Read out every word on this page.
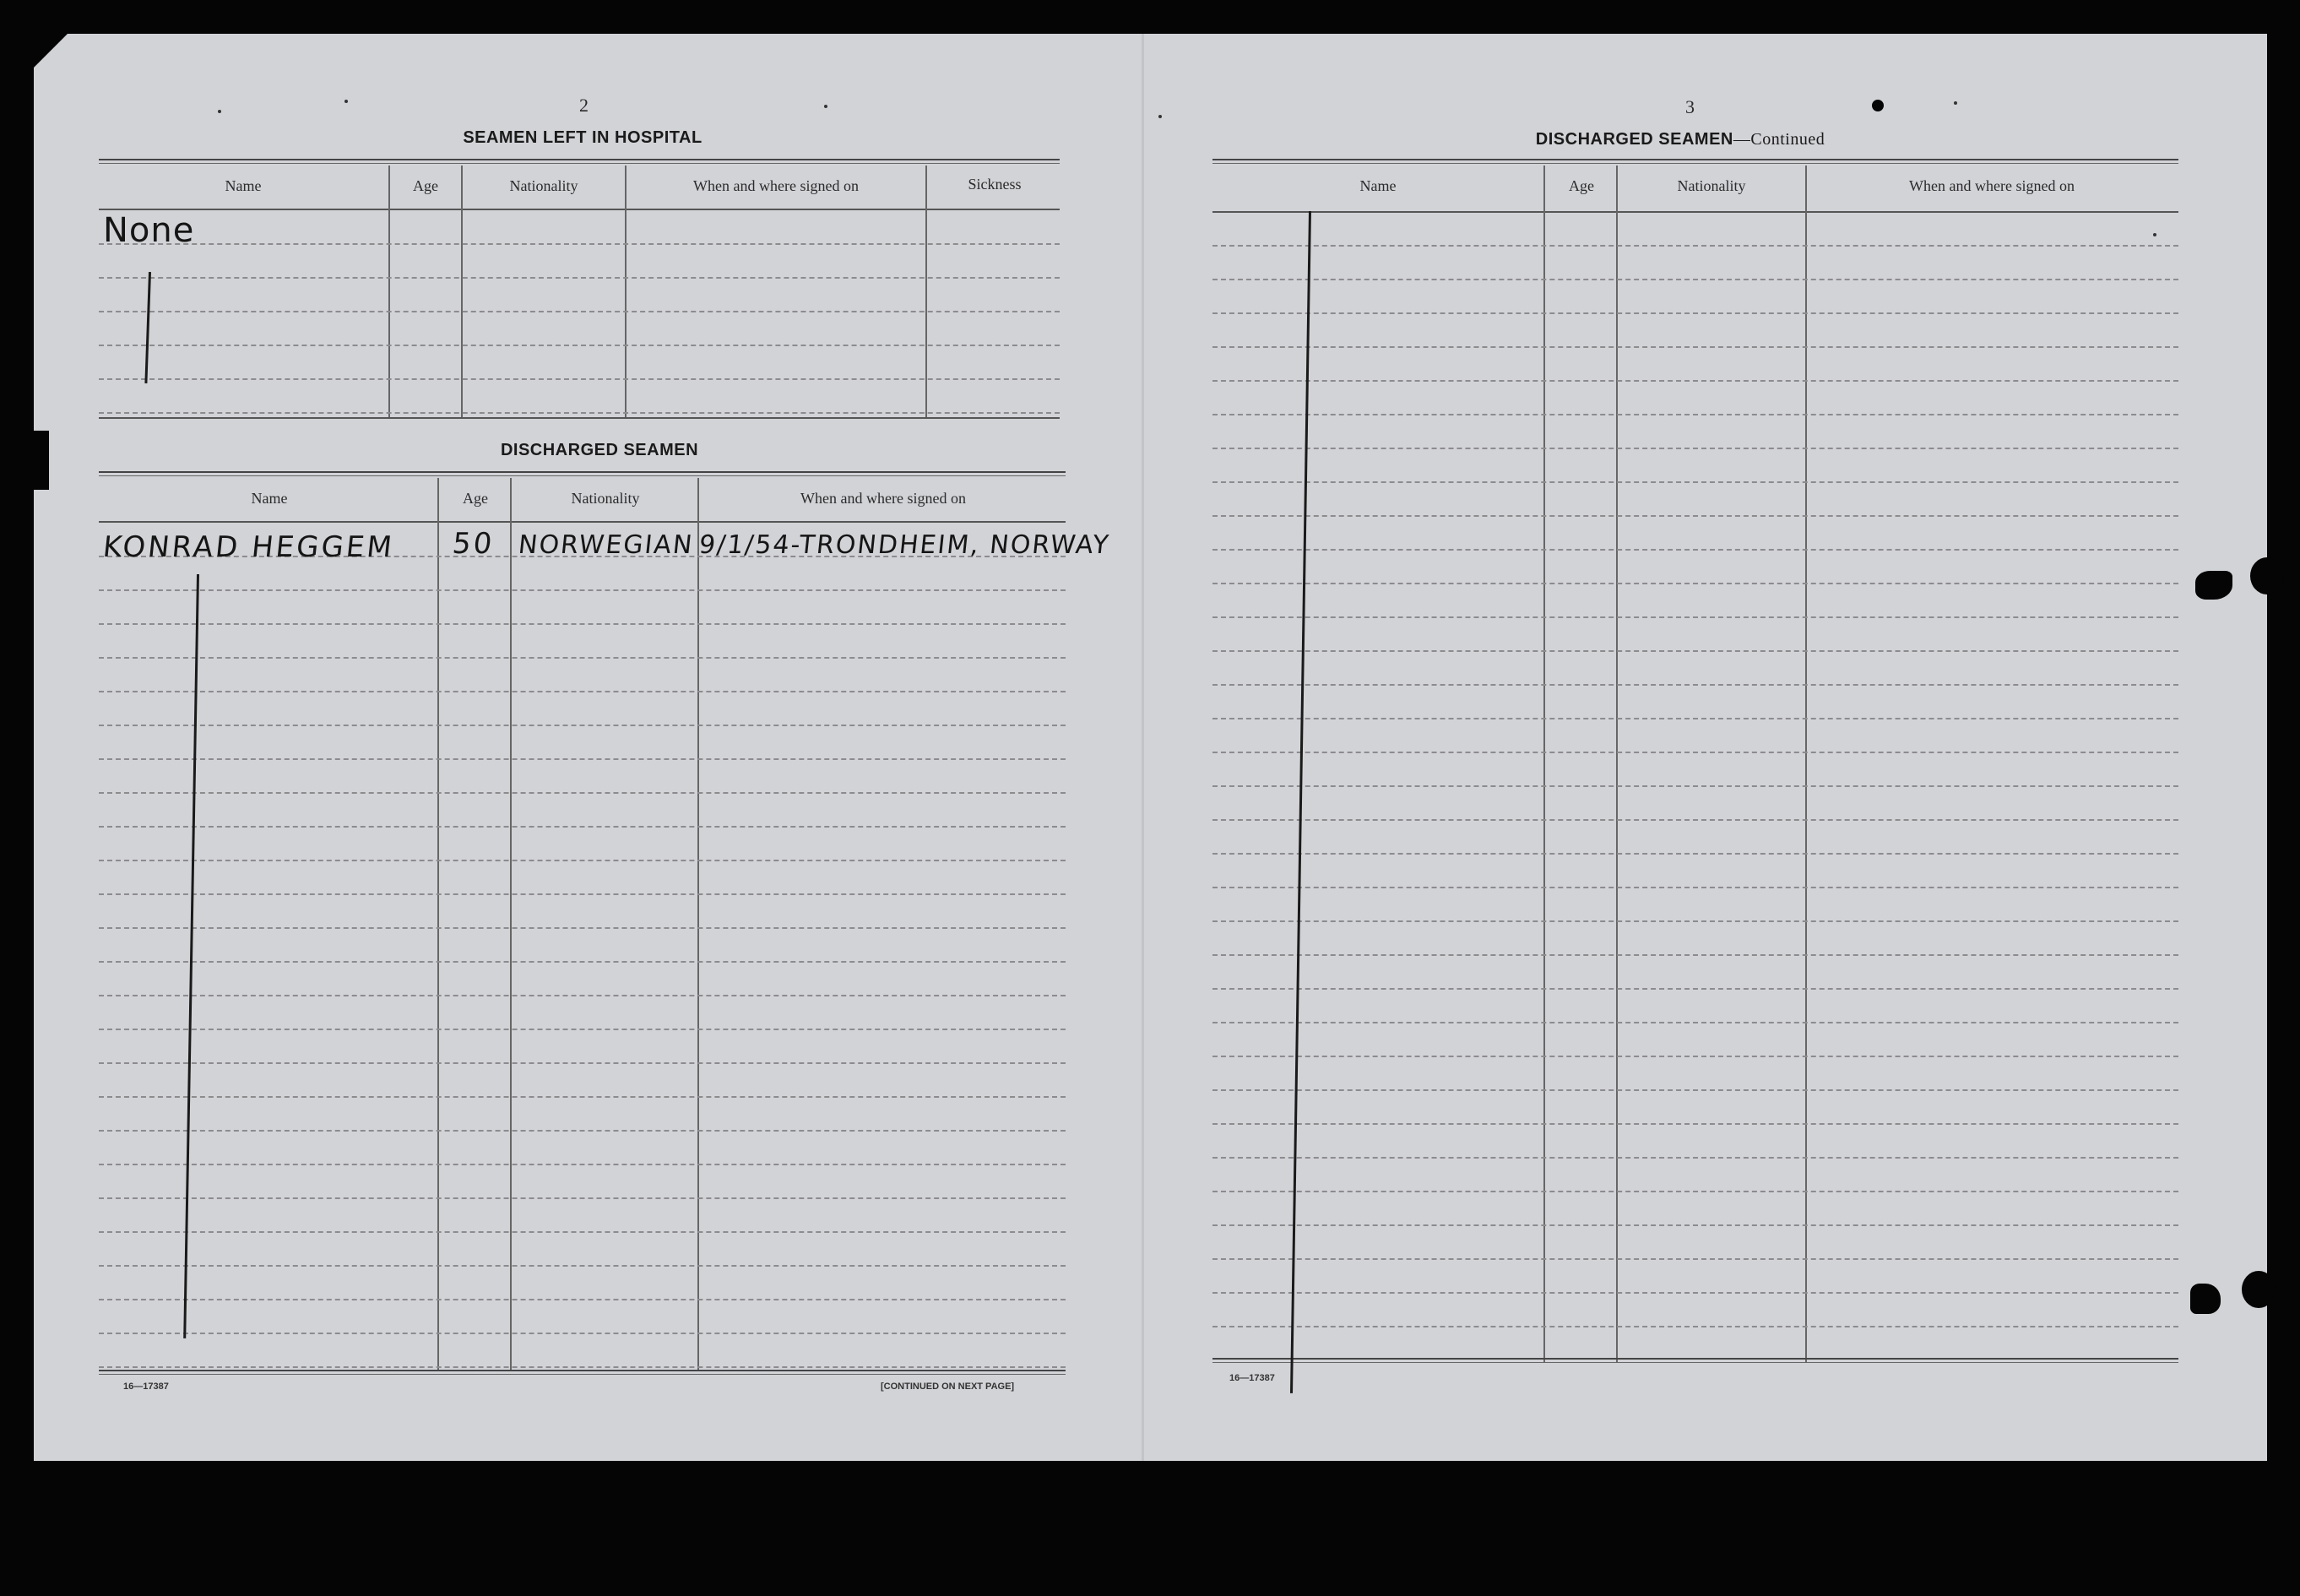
2
SEAMEN LEFT IN HOSPITAL
Name	Age	Nationality	When and where signed on	Sickness
None
DISCHARGED SEAMEN
Name	Age	Nationality	When and where signed on
KONRAD HEGGEM 50 NORWEGIAN 9/1/54-TRONDHEIM, NORWAY
16—17387	[CONTINUED ON NEXT PAGE]
3
DISCHARGED SEAMEN—Continued
Name	Age	Nationality	When and where signed on
16—17387
